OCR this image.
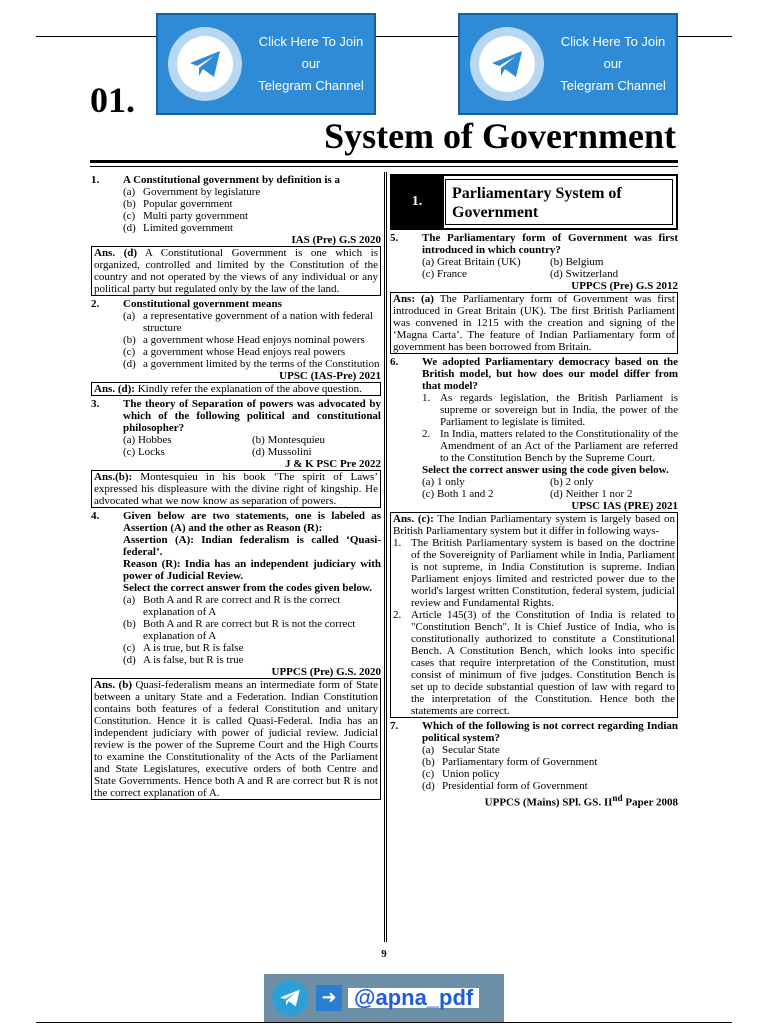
Click Here To Join our
Telegram Channel
Click Here To Join our
Telegram Channel
01.
System of Government
1.	A Constitutional government by definition is a
(a) Government by legislature
(b) Popular government
(c) Multi party government
(d) Limited government
IAS (Pre) G.S 2020
Ans. (d) A Constitutional Government is one which is organized, controlled and limited by the Constitution of the country and not operated by the views of any individual or any political party but regulated only by the law of the land.
2.	Constitutional government means
(a) a representative government of a nation with federal structure
(b) a government whose Head enjoys nominal powers
(c) a government whose Head enjoys real powers
(d) a government limited by the terms of the Constitution
UPSC (IAS-Pre) 2021
Ans. (d): Kindly refer the explanation of the above question.
3.	The theory of Separation of powers was advocated by which of the following political and constitutional philosopher?
(a) Hobbes	(b) Montesquieu
(c) Locks	(d) Mussolini
J & K PSC Pre 2022
Ans.(b): Montesquieu in his book ‘The spirit of Laws’ expressed his displeasure with the divine right of kingship. He advocated what we now know as separation of powers.
4.	Given below are two statements, one is labeled as Assertion (A) and the other as Reason (R):
Assertion (A): Indian federalism is called ‘Quasi-federal’.
Reason (R): India has an independent judiciary with power of Judicial Review.
Select the correct answer from the codes given below.
(a) Both A and R are correct and R is the correct explanation of A
(b) Both A and R are correct but R is not the correct explanation of A
(c) A is true, but R is false
(d) A is false, but R is true
UPPCS (Pre) G.S. 2020
Ans. (b) Quasi-federalism means an intermediate form of State between a unitary State and a Federation. Indian Constitution contains both features of a federal Constitution and unitary Constitution. Hence it is called Quasi-Federal. India has an independent judiciary with power of judicial review. Judicial review is the power of the Supreme Court and the High Courts to examine the Constitutionality of the Acts of the Parliament and State Legislatures, executive orders of both Centre and State Governments. Hence both A and R are correct but R is not the correct explanation of A.
1.	Parliamentary System of Government
5.	The Parliamentary form of Government was first introduced in which country?
(a) Great Britain (UK)	(b) Belgium
(c) France	(d) Switzerland
UPPCS (Pre) G.S 2012
Ans: (a) The Parliamentary form of Government was first introduced in Great Britain (UK). The first British Parliament was convened in 1215 with the creation and signing of the ‘Magna Carta’. The feature of Indian Parliamentary form of government has been borrowed from Britain.
6.	We adopted Parliamentary democracy based on the British model, but how does our model differ from that model?
1. As regards legislation, the British Parliament is supreme or sovereign but in India, the power of the Parliament to legislate is limited.
2. In India, matters related to the Constitutionality of the Amendment of an Act of the Parliament are referred to the Constitution Bench by the Supreme Court.
Select the correct answer using the code given below.
(a) 1 only	(b) 2 only
(c) Both 1 and 2	(d) Neither 1 nor 2
UPSC IAS (PRE) 2021
Ans. (c): The Indian Parliamentary system is largely based on British Parliamentary system but it differ in following ways-
1. The British Parliamentary system is based on the doctrine of the Sovereignity of Parliament while in India, Parliament is not supreme, in India Constitution is supreme. Indian Parliament enjoys limited and restricted power due to the world's largest written Constitution, federal system, judicial review and Fundamental Rights.
2. Article 145(3) of the Constitution of India is related to "Constitution Bench". It is Chief Justice of India, who is constitutionally authorized to constitute a Constitutional Bench. A Constitution Bench, which looks into specific cases that require interpretation of the Constitution, must consist of minimum of five judges. Constitution Bench is set up to decide substantial question of law with regard to the interpretation of the Constitution. Hence both the statements are correct.
7.	Which of the following is not correct regarding Indian political system?
(a) Secular State
(b) Parliamentary form of Government
(c) Union policy
(d) Presidential form of Government
UPPCS (Mains) SPl. GS. IInd Paper 2008
9
➜ @apna_pdf
